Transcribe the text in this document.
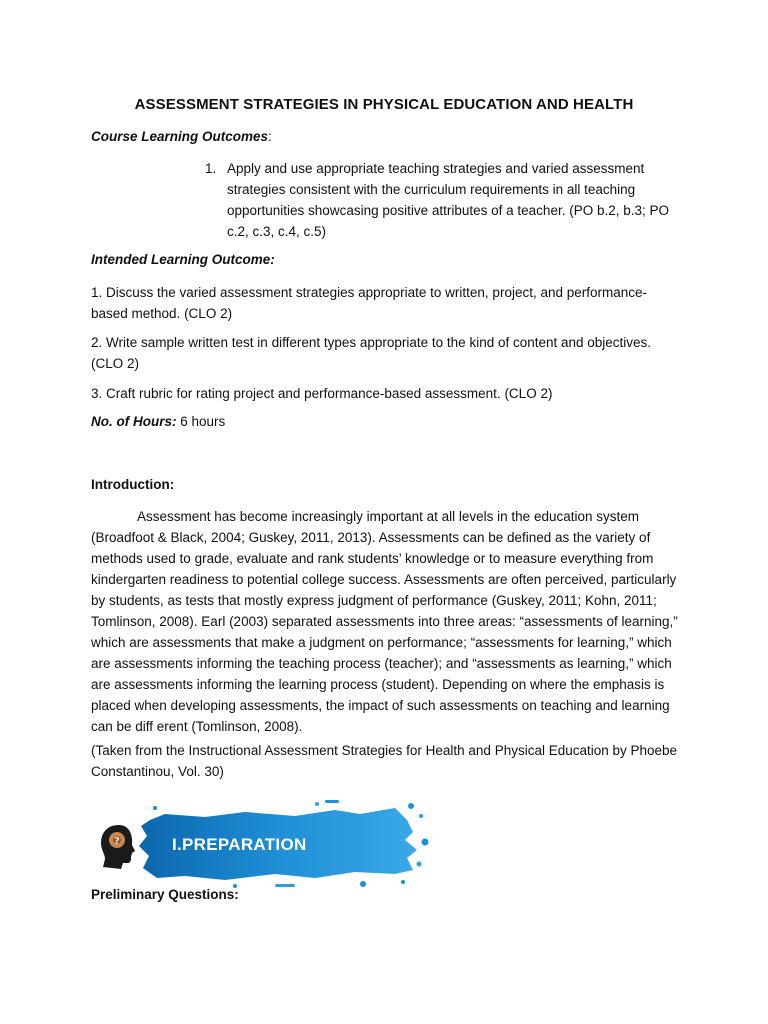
ASSESSMENT STRATEGIES IN PHYSICAL EDUCATION AND HEALTH
Course Learning Outcomes:
1. Apply and use appropriate teaching strategies and varied assessment strategies consistent with the curriculum requirements in all teaching opportunities showcasing positive attributes of a teacher. (PO b.2, b.3; PO c.2, c.3, c.4, c.5)
Intended Learning Outcome:
1. Discuss the varied assessment strategies appropriate to written, project, and performance-based method. (CLO 2)
2. Write sample written test in different types appropriate to the kind of content and objectives. (CLO 2)
3. Craft rubric for rating project and performance-based assessment. (CLO 2)
No. of Hours: 6 hours
Introduction:
Assessment has become increasingly important at all levels in the education system (Broadfoot & Black, 2004; Guskey, 2011, 2013). Assessments can be defined as the variety of methods used to grade, evaluate and rank students’ knowledge or to measure everything from kindergarten readiness to potential college success. Assessments are often perceived, particularly by students, as tests that mostly express judgment of performance (Guskey, 2011; Kohn, 2011; Tomlinson, 2008). Earl (2003) separated assessments into three areas: “assessments of learning,” which are assessments that make a judgment on performance; “assessments for learning,” which are assessments informing the teaching process (teacher); and “assessments as learning,” which are assessments informing the learning process (student). Depending on where the emphasis is placed when developing assessments, the impact of such assessments on teaching and learning can be diff erent (Tomlinson, 2008).
(Taken from the Instructional Assessment Strategies for Health and Physical Education by Phoebe Constantinou, Vol. 30)
?	I.PREPARATION
Preliminary Questions:
